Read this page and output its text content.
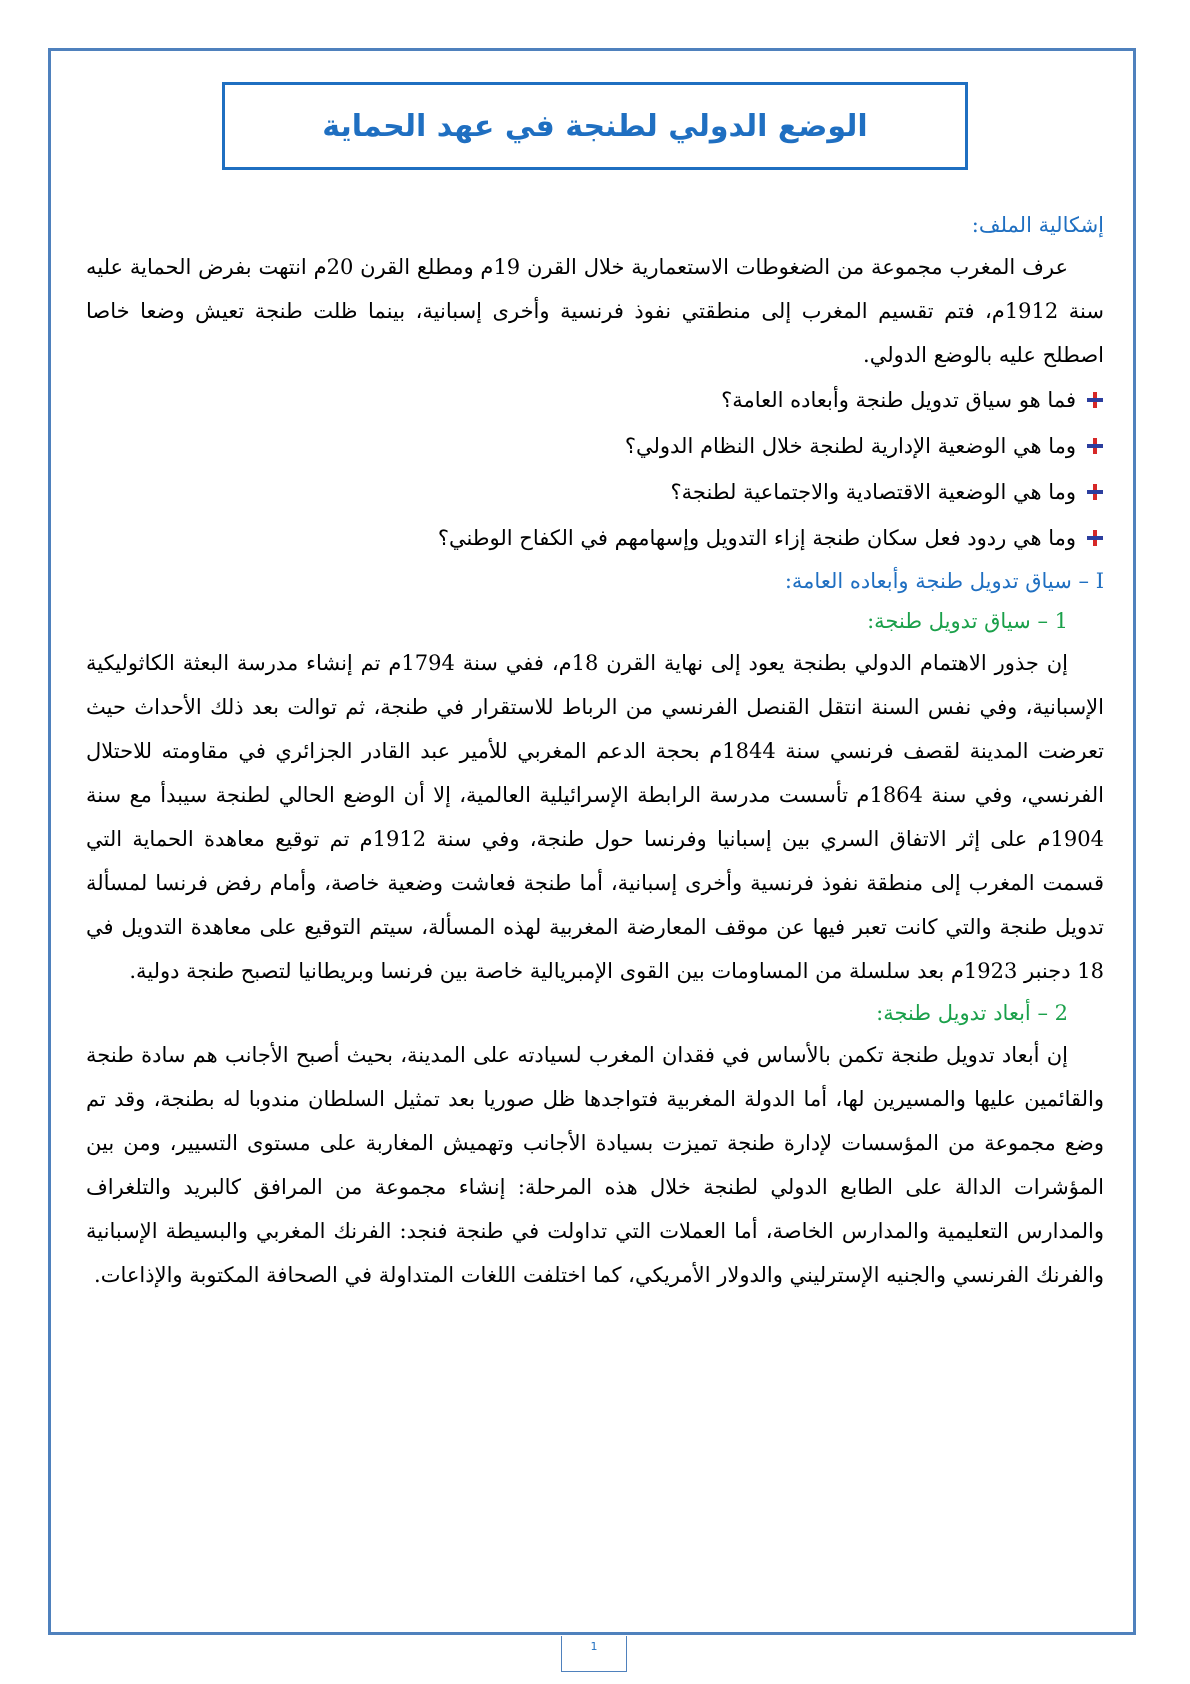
الوضع الدولي لطنجة في عهد الحماية
إشكالية الملف:

عرف المغرب مجموعة من الضغوطات الاستعمارية خلال القرن 19م ومطلع القرن 20م انتهت بفرض الحماية عليه سنة 1912م، فتم تقسيم المغرب إلى منطقتي نفوذ فرنسية وأخرى إسبانية، بينما ظلت طنجة تعيش وضعا خاصا اصطلح عليه بالوضع الدولي.

فما هو سياق تدويل طنجة وأبعاده العامة؟
وما هي الوضعية الإدارية لطنجة خلال النظام الدولي؟
وما هي الوضعية الاقتصادية والاجتماعية لطنجة؟
وما هي ردود فعل سكان طنجة إزاء التدويل وإسهامهم في الكفاح الوطني؟
I – سياق تدويل طنجة وأبعاده العامة:
1 – سياق تدويل طنجة:

إن جذور الاهتمام الدولي بطنجة يعود إلى نهاية القرن 18م، ففي سنة 1794م تم إنشاء مدرسة البعثة الكاثوليكية الإسبانية، وفي نفس السنة انتقل القنصل الفرنسي من الرباط للاستقرار في طنجة، ثم توالت بعد ذلك الأحداث حيث تعرضت المدينة لقصف فرنسي سنة 1844م بحجة الدعم المغربي للأمير عبد القادر الجزائري في مقاومته للاحتلال الفرنسي، وفي سنة 1864م تأسست مدرسة الرابطة الإسرائيلية العالمية، إلا أن الوضع الحالي لطنجة سيبدأ مع سنة 1904م على إثر الاتفاق السري بين إسبانيا وفرنسا حول طنجة، وفي سنة 1912م تم توقيع معاهدة الحماية التي قسمت المغرب إلى منطقة نفوذ فرنسية وأخرى إسبانية، أما طنجة فعاشت وضعية خاصة، وأمام رفض فرنسا لمسألة تدويل طنجة والتي كانت تعبر فيها عن موقف المعارضة المغربية لهذه المسألة، سيتم التوقيع على معاهدة التدويل في 18 دجنبر 1923م بعد سلسلة من المساومات بين القوى الإمبريالية خاصة بين فرنسا وبريطانيا لتصبح طنجة دولية.

2 – أبعاد تدويل طنجة:

إن أبعاد تدويل طنجة تكمن بالأساس في فقدان المغرب لسيادته على المدينة، بحيث أصبح الأجانب هم سادة طنجة والقائمين عليها والمسيرين لها، أما الدولة المغربية فتواجدها ظل صوريا بعد تمثيل السلطان مندوبا له بطنجة، وقد تم وضع مجموعة من المؤسسات لإدارة طنجة تميزت بسيادة الأجانب وتهميش المغاربة على مستوى التسيير، ومن بين المؤشرات الدالة على الطابع الدولي لطنجة خلال هذه المرحلة: إنشاء مجموعة من المرافق كالبريد والتلغراف والمدارس التعليمية والمدارس الخاصة، أما العملات التي تداولت في طنجة فنجد: الفرنك المغربي والبسيطة الإسبانية والفرنك الفرنسي والجنيه الإسترليني والدولار الأمريكي، كما اختلفت اللغات المتداولة في الصحافة المكتوبة والإذاعات.

1
